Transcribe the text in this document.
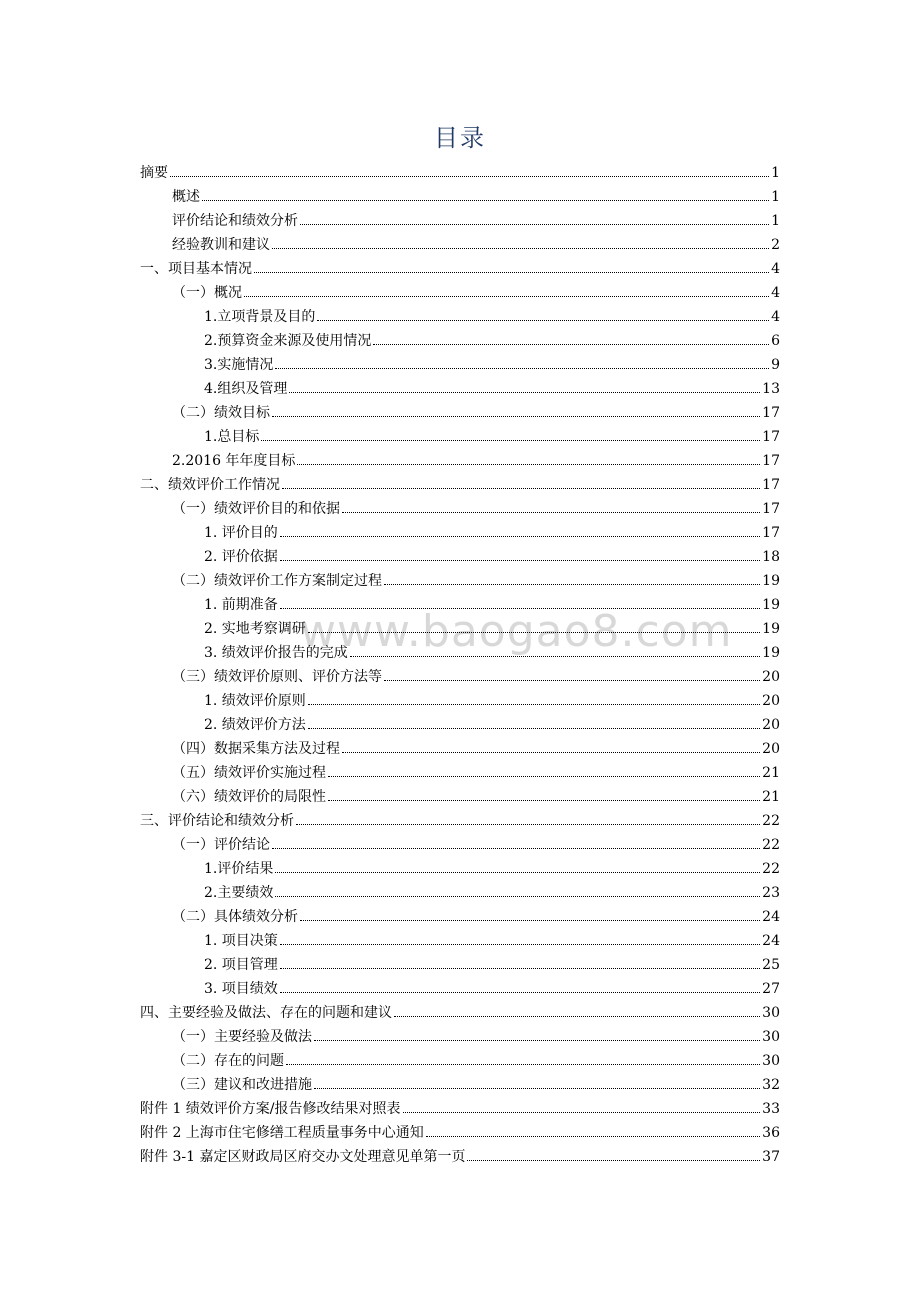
目录
www.baogao8.com
摘要	1
概述	1
评价结论和绩效分析	1
经验教训和建议	2
一、项目基本情况	4
（一）概况	4
1.立项背景及目的	4
2.预算资金来源及使用情况	6
3.实施情况	9
4.组织及管理	13
（二）绩效目标	17
1.总目标	17
2.2016 年年度目标	17
二、绩效评价工作情况	17
（一）绩效评价目的和依据	17
1. 评价目的	17
2. 评价依据	18
（二）绩效评价工作方案制定过程	19
1. 前期准备	19
2. 实地考察调研	19
3. 绩效评价报告的完成	19
（三）绩效评价原则、评价方法等	20
1. 绩效评价原则	20
2. 绩效评价方法	20
（四）数据采集方法及过程	20
（五）绩效评价实施过程	21
（六）绩效评价的局限性	21
三、评价结论和绩效分析	22
（一）评价结论	22
1.评价结果	22
2.主要绩效	23
（二）具体绩效分析	24
1. 项目决策	24
2. 项目管理	25
3. 项目绩效	27
四、主要经验及做法、存在的问题和建议	30
（一）主要经验及做法	30
（二）存在的问题	30
（三）建议和改进措施	32
附件 1 绩效评价方案/报告修改结果对照表	33
附件 2 上海市住宅修缮工程质量事务中心通知	36
附件 3-1 嘉定区财政局区府交办文处理意见单第一页	37
